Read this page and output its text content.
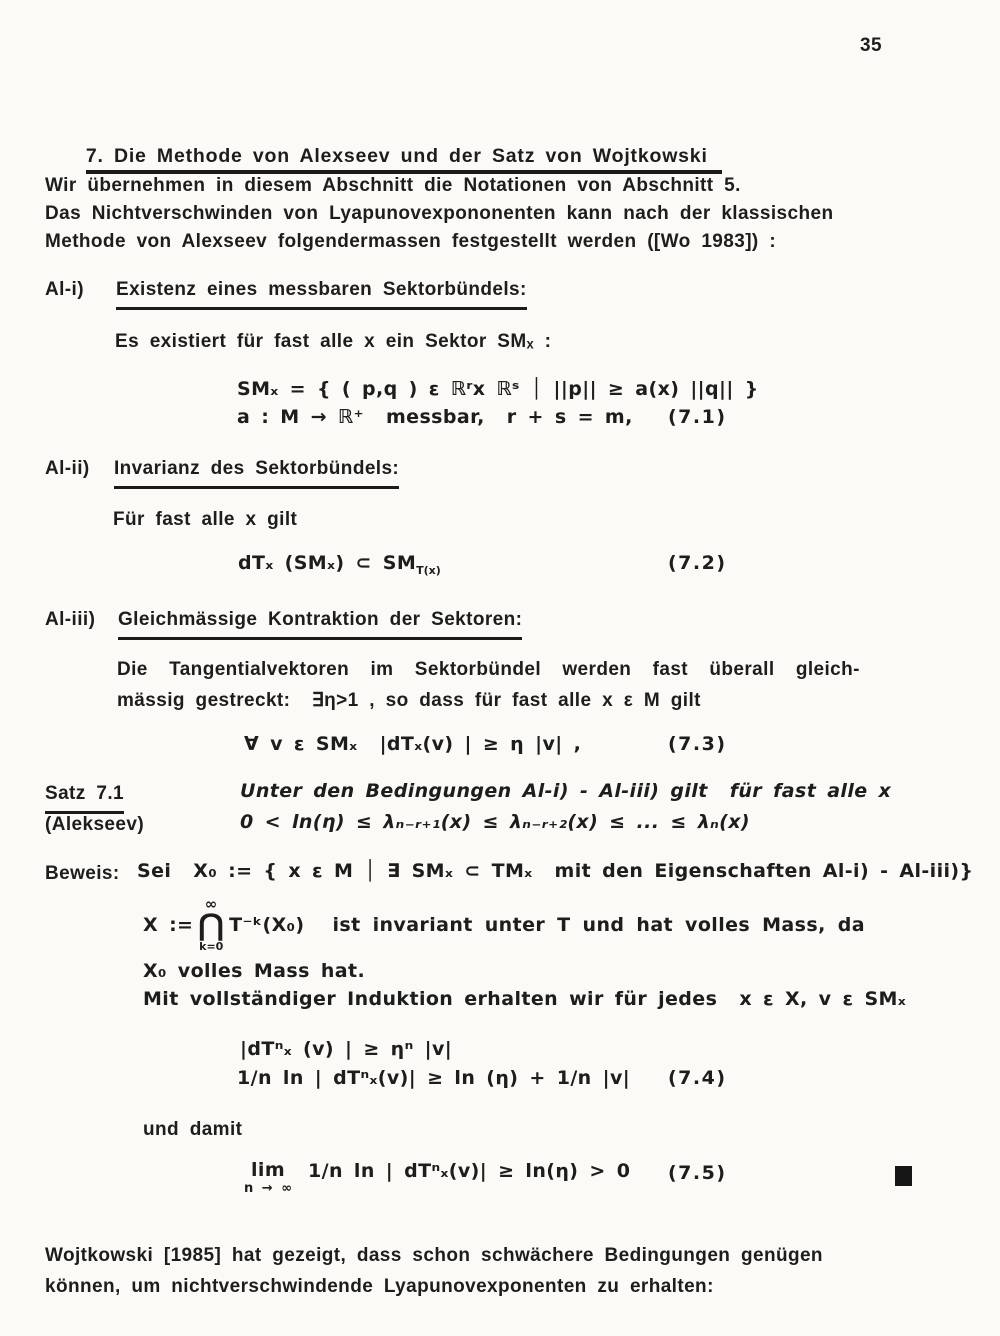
35

7. Die Methode von Alexseev und der Satz von Wojtkowski

Wir übernehmen in diesem Abschnitt die Notationen von Abschnitt 5.
Das Nichtverschwinden von Lyapunovexpononenten kann nach der klassischen
Methode von Alexseev folgendermassen festgestellt werden ([Wo 1983]) :
Al-i) Existenz eines messbaren Sektorbündels:
Es existiert für fast alle x ein Sektor SMₓ :
SMₓ = { ( p,q ) ε ℝʳx ℝˢ │ ||p|| ≥ a(x) ||q|| }
a : M → ℝ⁺  messbar,  r + s = m, (7.1)
Al-ii) Invarianz des Sektorbündels:
Für fast alle x gilt
dTₓ (SMₓ) ⊂ $SM_{T(x)}$	(7.2)
Al-iii) Gleichmässige Kontraktion der Sektoren:
Die  Tangentialvektoren  im  Sektorbündel  werden  fast  überall  gleich-
mässig gestreckt:  ∃η>1 , so dass für fast alle x ε M gilt
∀ v ε SMₓ  |dTₓ(v) | ≥ η |v| ,	(7.3)
Satz 7.1
(Alekseev)
Unter den Bedingungen Al-i) - Al-iii) gilt  für fast alle x
0 < ln(η) ≤ λₙ₋ᵣ₊₁(x) ≤ λₙ₋ᵣ₊₂(x) ≤ ... ≤ λₙ(x)
Beweis: Sei  X₀ := { x ε M │ ∃ SMₓ ⊂ TMₓ  mit den Eigenschaften Al-i) - Al-iii)}
X :=
∞
⋂
k=0
T⁻ᵏ(X₀) ist invariant unter T und hat volles Mass, da
X₀ volles Mass hat.
Mit vollständiger Induktion erhalten wir für jedes  x ε X, v ε SMₓ
|dTⁿₓ (v) | ≥ ηⁿ |v|
1/n ln | dTⁿₓ(v)| ≥ ln (η) + 1/n |v| (7.4)
und damit
lim
n → ∞
1/n ln | dTⁿₓ(v)| ≥ ln(η) > 0 (7.5)
Wojtkowski [1985] hat gezeigt, dass schon schwächere Bedingungen genügen
können, um nichtverschwindende Lyapunovexponenten zu erhalten:
